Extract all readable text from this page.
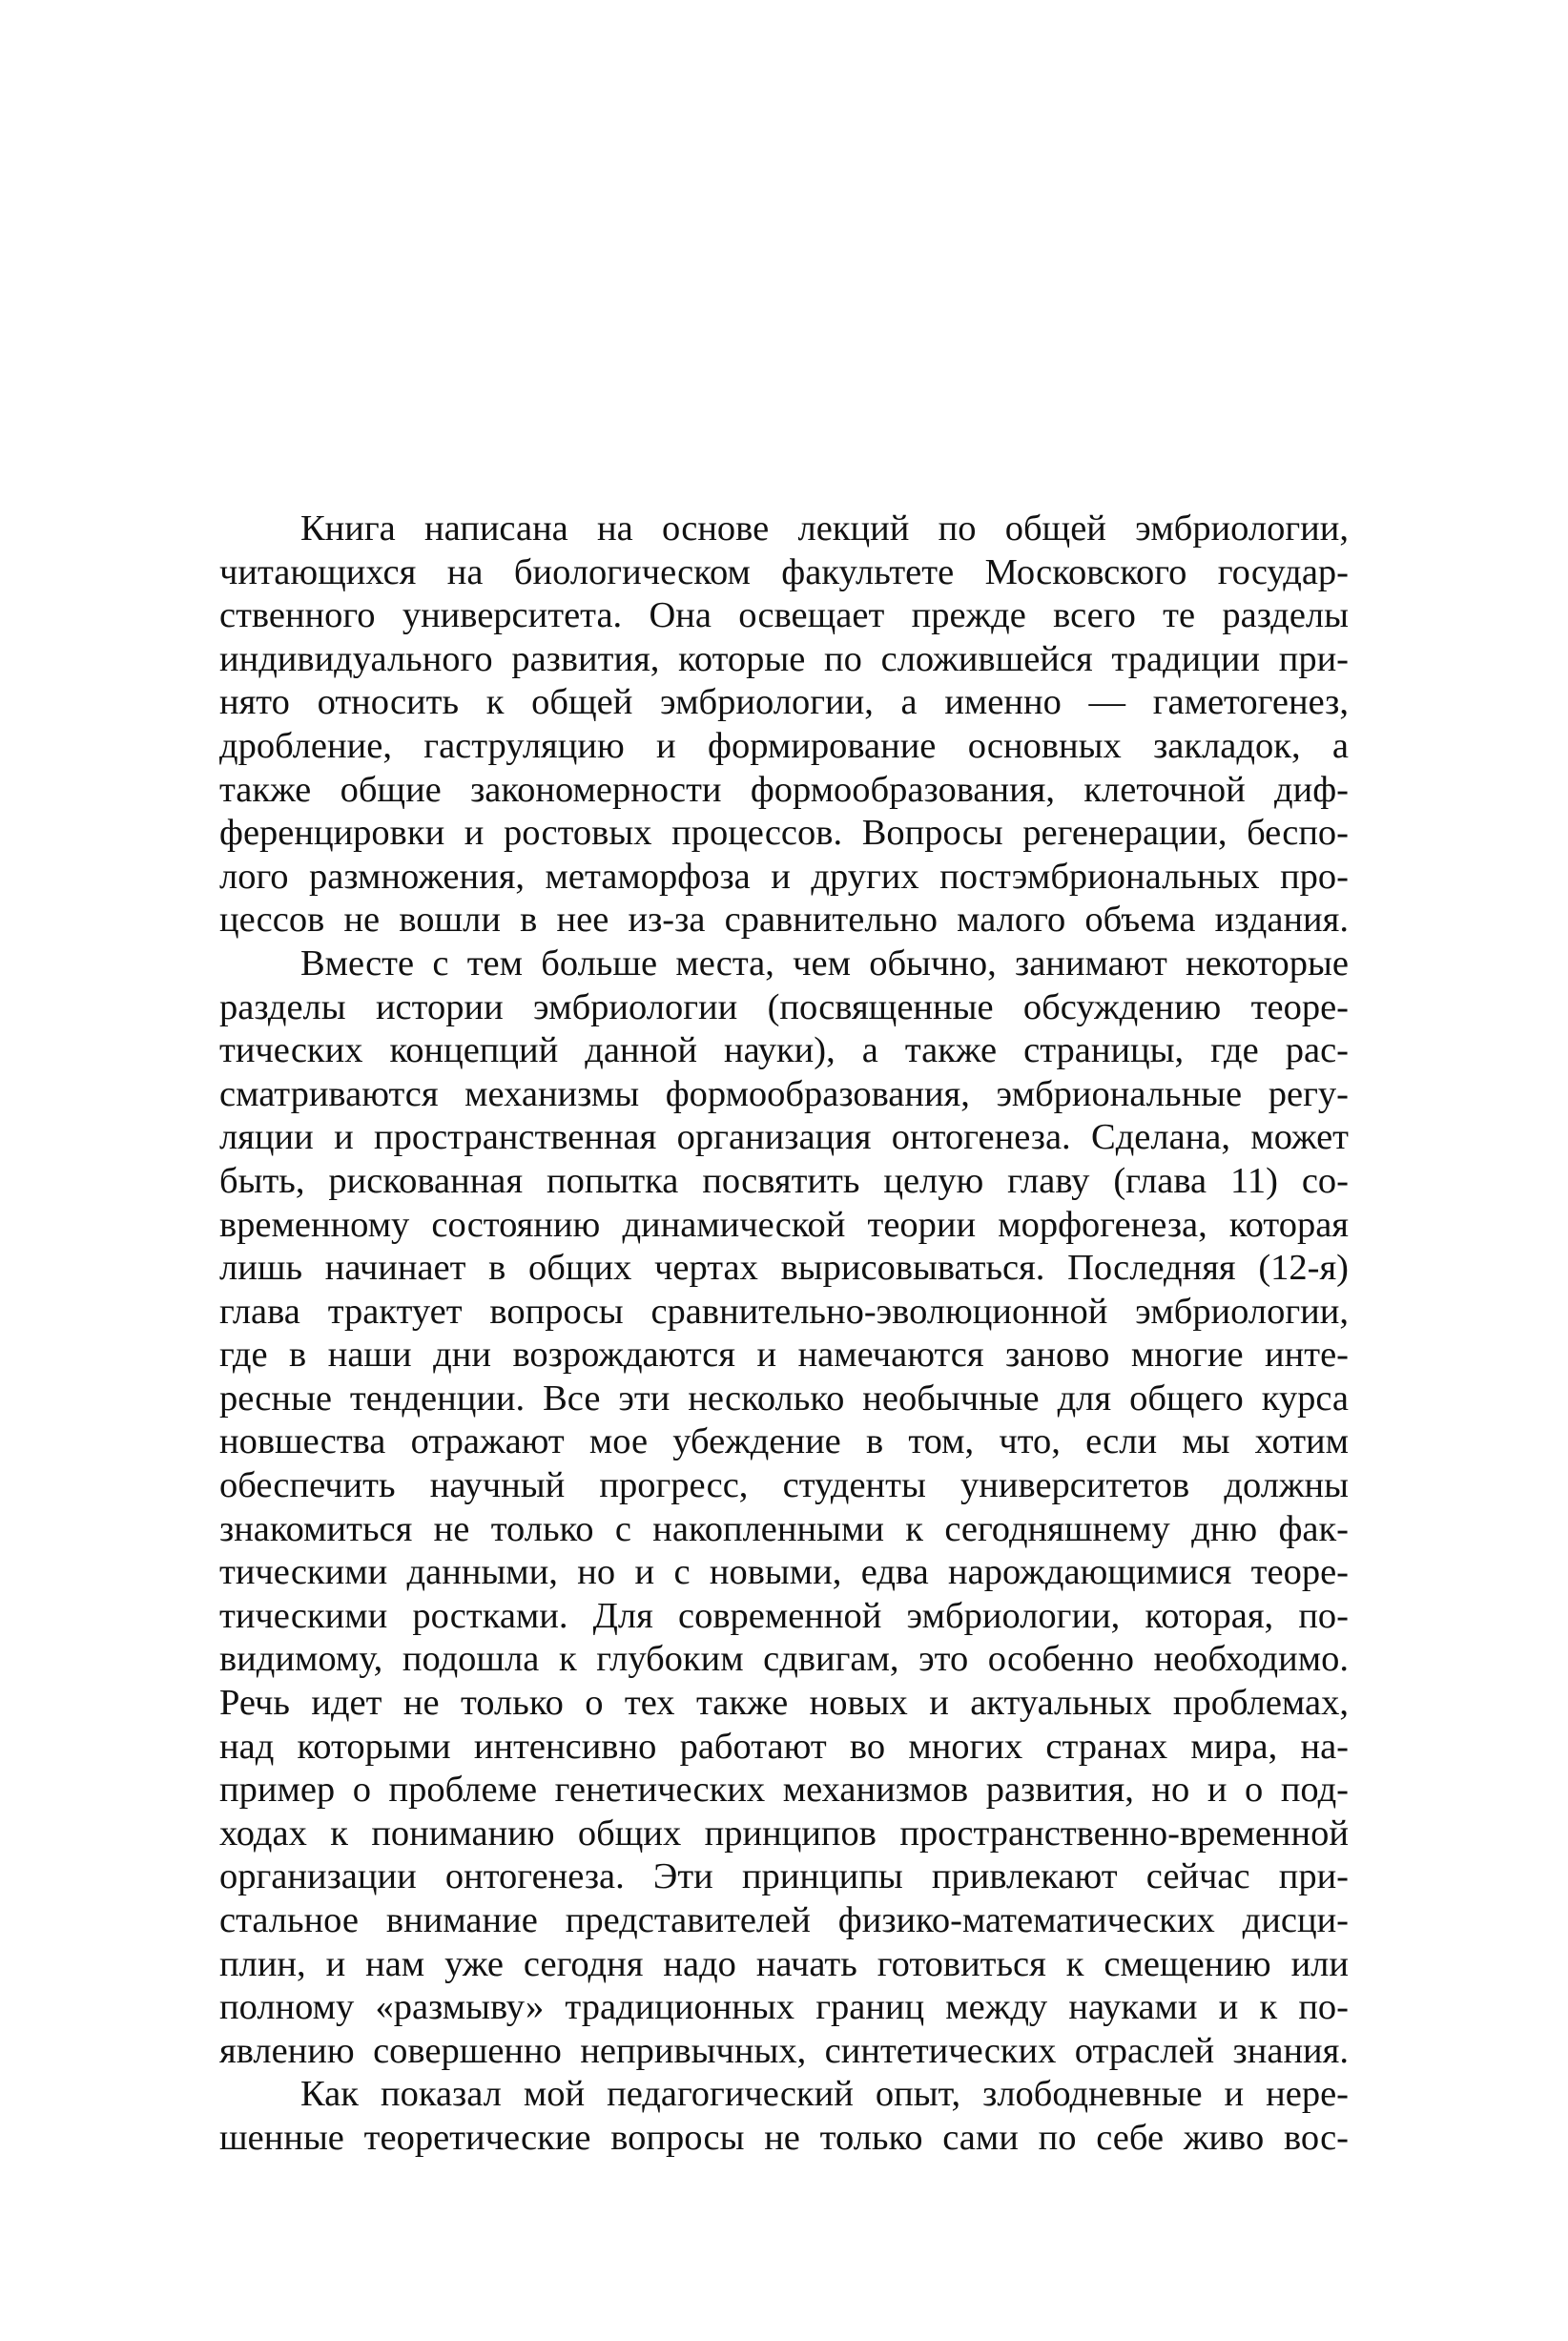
Книга написана на основе лекций по общей эмбриологии,
читающихся на биологическом факультете Московского государ-
ственного университета. Она освещает прежде всего те разделы
индивидуального развития, которые по сложившейся традиции при-
нято относить к общей эмбриологии, а именно — гаметогенез,
дробление, гаструляцию и формирование основных закладок, а
также общие закономерности формообразования, клеточной диф-
ференцировки и ростовых процессов. Вопросы регенерации, беспо-
лого размножения, метаморфоза и других постэмбриональных про-
цессов не вошли в нее из-за сравнительно малого объема издания.
Вместе с тем больше места, чем обычно, занимают некоторые
разделы истории эмбриологии (посвященные обсуждению теоре-
тических концепций данной науки), а также страницы, где рас-
сматриваются механизмы формообразования, эмбриональные регу-
ляции и пространственная организация онтогенеза. Сделана, может
быть, рискованная попытка посвятить целую главу (глава 11) со-
временному состоянию динамической теории морфогенеза, которая
лишь начинает в общих чертах вырисовываться. Последняя (12-я)
глава трактует вопросы сравнительно-эволюционной эмбриологии,
где в наши дни возрождаются и намечаются заново многие инте-
ресные тенденции. Все эти несколько необычные для общего курса
новшества отражают мое убеждение в том, что, если мы хотим
обеспечить научный прогресс, студенты университетов должны
знакомиться не только с накопленными к сегодняшнему дню фак-
тическими данными, но и с новыми, едва нарождающимися теоре-
тическими ростками. Для современной эмбриологии, которая, по-
видимому, подошла к глубоким сдвигам, это особенно необходимо.
Речь идет не только о тех также новых и актуальных проблемах,
над которыми интенсивно работают во многих странах мира, на-
пример о проблеме генетических механизмов развития, но и о под-
ходах к пониманию общих принципов пространственно-временной
организации онтогенеза. Эти принципы привлекают сейчас при-
стальное внимание представителей физико-математических дисци-
плин, и нам уже сегодня надо начать готовиться к смещению или
полному «размыву» традиционных границ между науками и к по-
явлению совершенно непривычных, синтетических отраслей знания.
Как показал мой педагогический опыт, злободневные и нере-
шенные теоретические вопросы не только сами по себе живо вос-
